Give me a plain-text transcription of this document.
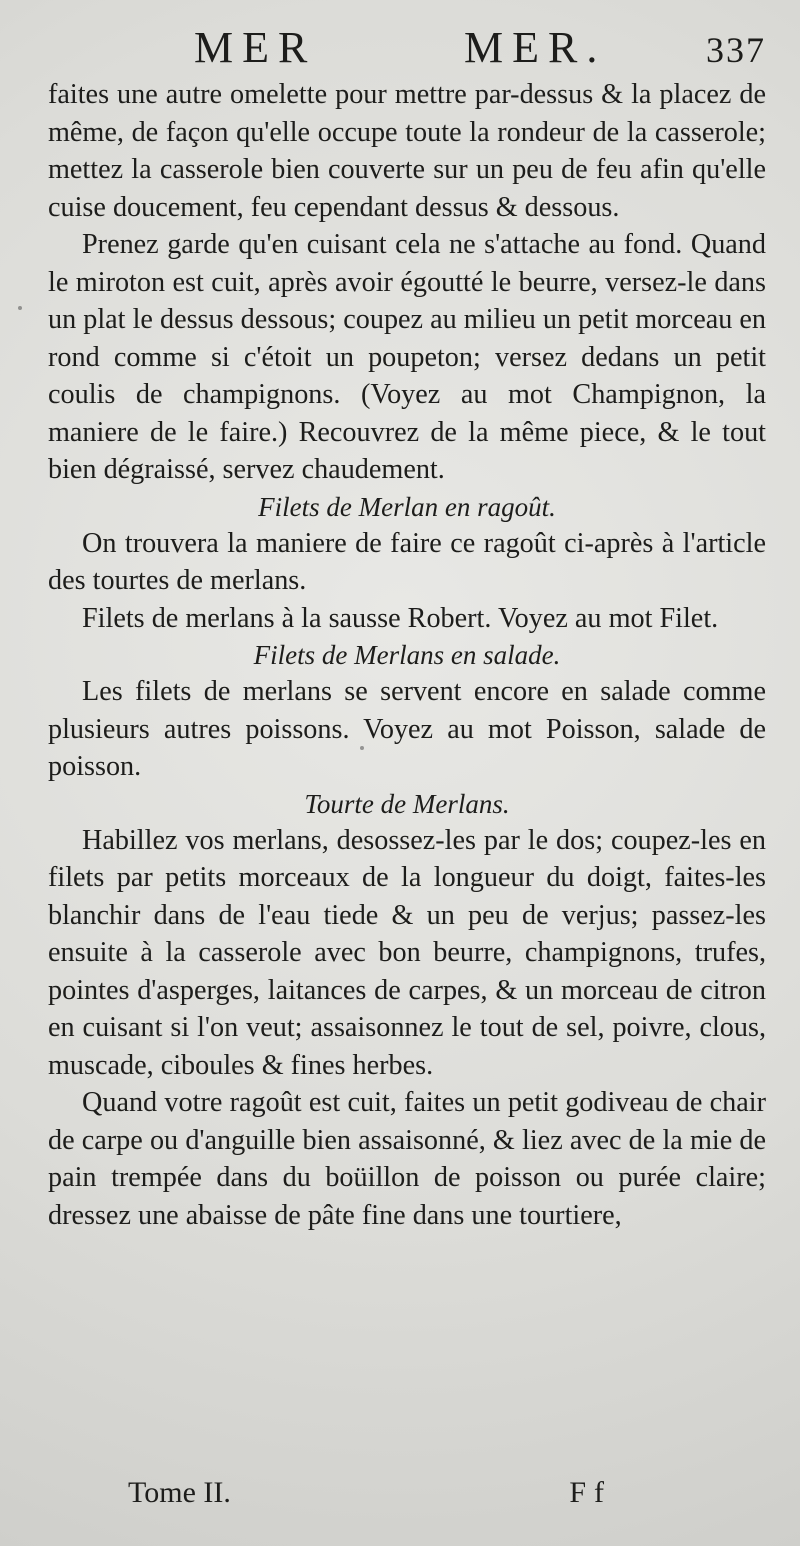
MER	MER.	337

faites une autre omelette pour mettre par-dessus & la placez de même, de façon qu'elle occupe toute la rondeur de la casserole; mettez la casserole bien couverte sur un peu de feu afin qu'elle cuise doucement, feu cependant dessus & dessous.

Prenez garde qu'en cuisant cela ne s'attache au fond. Quand le miroton est cuit, après avoir égoutté le beurre, versez-le dans un plat le dessus dessous; coupez au milieu un petit morceau en rond comme si c'étoit un poupeton; versez dedans un petit coulis de champignons. (Voyez au mot Champignon, la maniere de le faire.) Recouvrez de la même piece, & le tout bien dégraissé, servez chaudement.

Filets de Merlan en ragoût.

On trouvera la maniere de faire ce ragoût ci-après à l'article des tourtes de merlans.

Filets de merlans à la sausse Robert. Voyez au mot Filet.

Filets de Merlans en salade.

Les filets de merlans se servent encore en salade comme plusieurs autres poissons. Voyez au mot Poisson, salade de poisson.

Tourte de Merlans.

Habillez vos merlans, desossez-les par le dos; coupez-les en filets par petits morceaux de la longueur du doigt, faites-les blanchir dans de l'eau tiede & un peu de verjus; passez-les ensuite à la casserole avec bon beurre, champignons, trufes, pointes d'asperges, laitances de carpes, & un morceau de citron en cuisant si l'on veut; assaisonnez le tout de sel, poivre, clous, muscade, ciboules & fines herbes.

Quand votre ragoût est cuit, faites un petit godiveau de chair de carpe ou d'anguille bien assaisonné, & liez avec de la mie de pain trempée dans du boüillon de poisson ou purée claire; dressez une abaisse de pâte fine dans une tourtiere,

Tome II.	Ff
